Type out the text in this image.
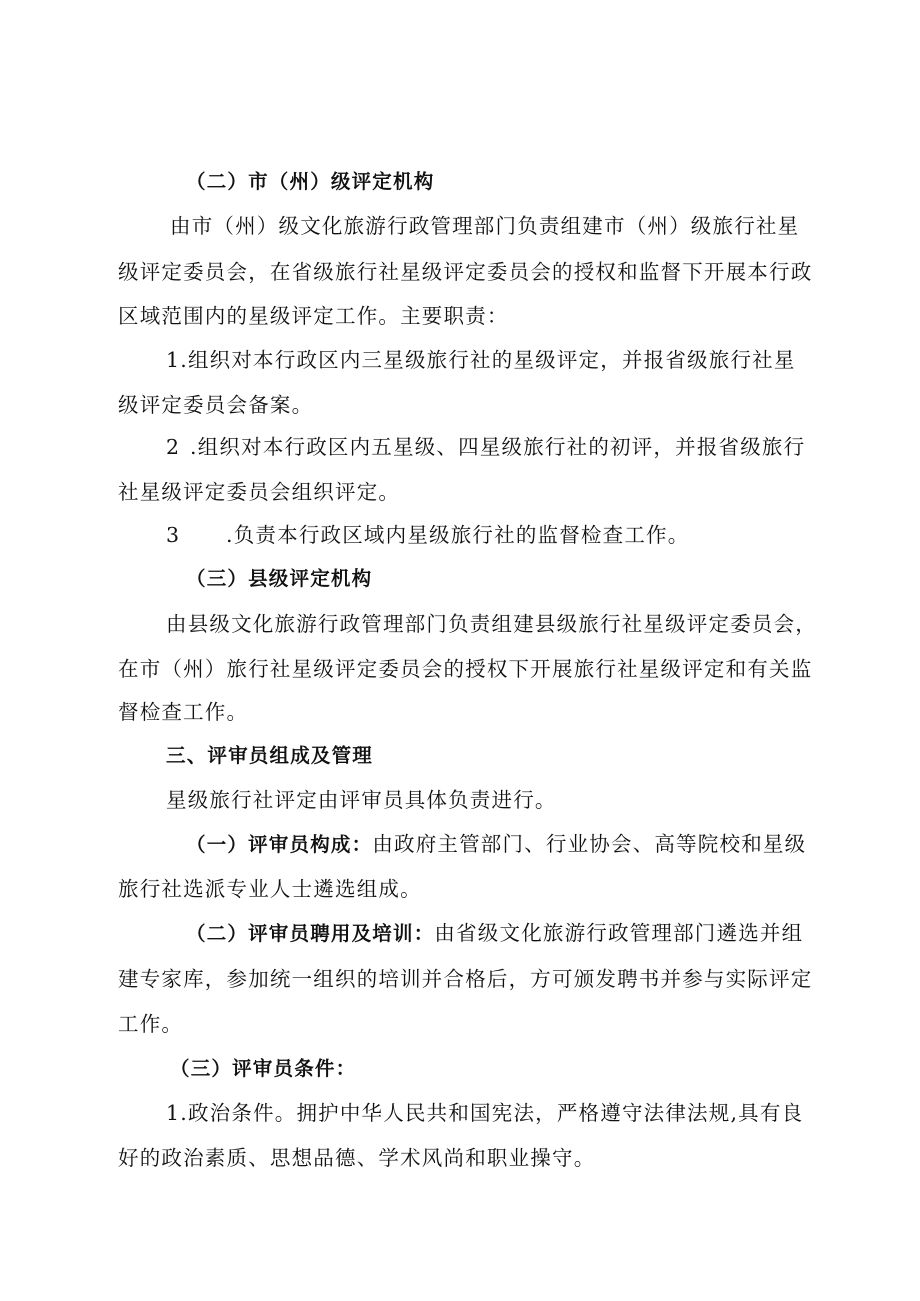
（二）市（州）级评定机构
由市（州）级文化旅游行政管理部门负责组建市（州）级旅行社星
级评定委员会，在省级旅行社星级评定委员会的授权和监督下开展本行政
区域范围内的星级评定工作。主要职责：
1.组织对本行政区内三星级旅行社的星级评定，并报省级旅行社星
级评定委员会备案。
2 .组织对本行政区内五星级、四星级旅行社的初评，并报省级旅行
社星级评定委员会组织评定。
3 .负责本行政区域内星级旅行社的监督检查工作。
（三）县级评定机构
由县级文化旅游行政管理部门负责组建县级旅行社星级评定委员会，
在市（州）旅行社星级评定委员会的授权下开展旅行社星级评定和有关监
督检查工作。
三、评审员组成及管理
星级旅行社评定由评审员具体负责进行。
（一）评审员构成：由政府主管部门、行业协会、高等院校和星级
旅行社选派专业人士遴选组成。
（二）评审员聘用及培训：由省级文化旅游行政管理部门遴选并组
建专家库，参加统一组织的培训并合格后，方可颁发聘书并参与实际评定
工作。
（三）评审员条件：
1.政治条件。拥护中华人民共和国宪法，严格遵守法律法规,具有良
好的政治素质、思想品德、学术风尚和职业操守。
